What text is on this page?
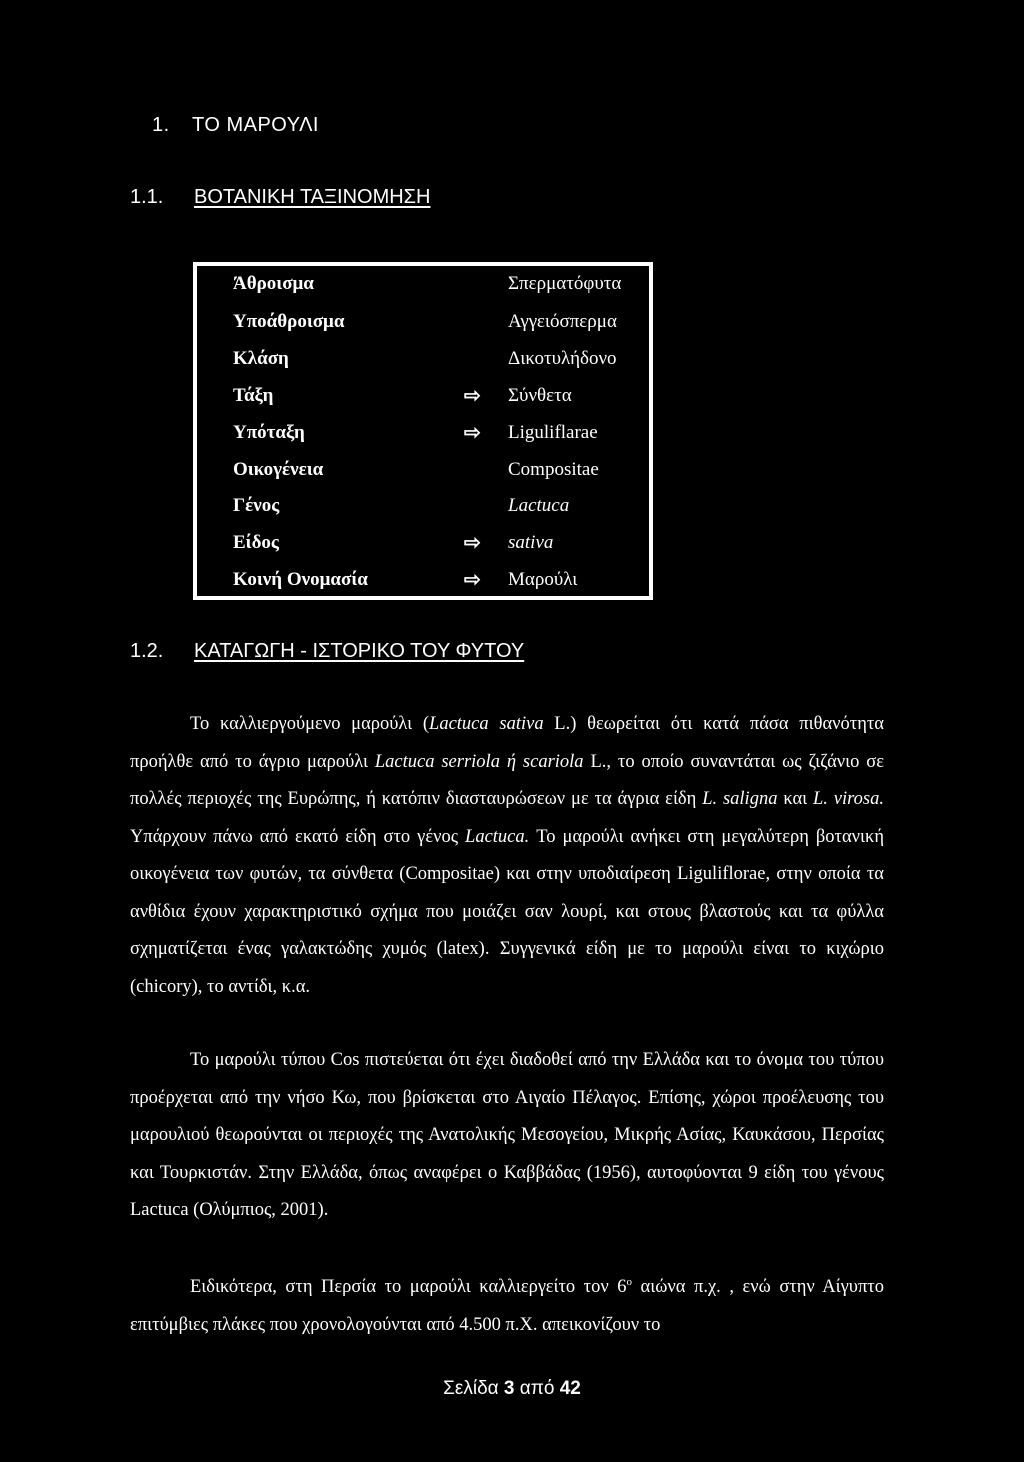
1. ΤΟ ΜΑΡΟΥΛΙ
1.1. ΒΟΤΑΝΙΚΗ ΤΑΞΙΝΟΜΗΣΗ
Άθροισμα	Σπερματόφυτα
Υποάθροισμα	Αγγειόσπερμα
Κλάση	Δικοτυλήδονο
Τάξη	⇨ Σύνθετα
Υπόταξη	⇨ Liguliflarae
Οικογένεια	Compositae
Γένος	Lactuca
Είδος	⇨ sativa
Κοινή Ονομασία	⇨ Μαρούλι
1.2. ΚΑΤΑΓΩΓΗ - ΙΣΤΟΡΙΚΟ ΤΟΥ ΦΥΤΟΥ
Το καλλιεργούμενο μαρούλι (Lactuca sativa L.) θεωρείται ότι κατά πάσα πιθανότητα προήλθε από το άγριο μαρούλι Lactuca serriola ή scariola L., το οποίο συναντάται ως ζιζάνιο σε πολλές περιοχές της Ευρώπης, ή κατόπιν διασταυρώσεων με τα άγρια είδη L. saligna και L. virosa. Υπάρχουν πάνω από εκατό είδη στο γένος Lactuca. Το μαρούλι ανήκει στη μεγαλύτερη βοτανική οικογένεια των φυτών, τα σύνθετα (Compositae) και στην υποδιαίρεση Liguliflorae, στην οποία τα ανθίδια έχουν χαρακτηριστικό σχήμα που μοιάζει σαν λουρί, και στους βλαστούς και τα φύλλα σχηματίζεται ένας γαλακτώδης χυμός (latex). Συγγενικά είδη με το μαρούλι είναι το κιχώριο (chicory), το αντίδι, κ.α.
Το μαρούλι τύπου Cos πιστεύεται ότι έχει διαδοθεί από την Ελλάδα και το όνομα του τύπου προέρχεται από την νήσο Κω, που βρίσκεται στο Αιγαίο Πέλαγος. Επίσης, χώροι προέλευσης του μαρουλιού θεωρούνται οι περιοχές της Ανατολικής Μεσογείου, Μικρής Ασίας, Καυκάσου, Περσίας και Τουρκιστάν. Στην Ελλάδα, όπως αναφέρει ο Καββάδας (1956), αυτοφύονται 9 είδη του γένους Lactuca (Ολύμπιος, 2001).
Ειδικότερα, στη Περσία το μαρούλι καλλιεργείτο τον $6^o$ αιώνα π.χ. , ενώ στην Αίγυπτο επιτύμβιες πλάκες που χρονολογούνται από 4.500 π.Χ. απεικονίζουν το
Σελίδα 3 από 42
